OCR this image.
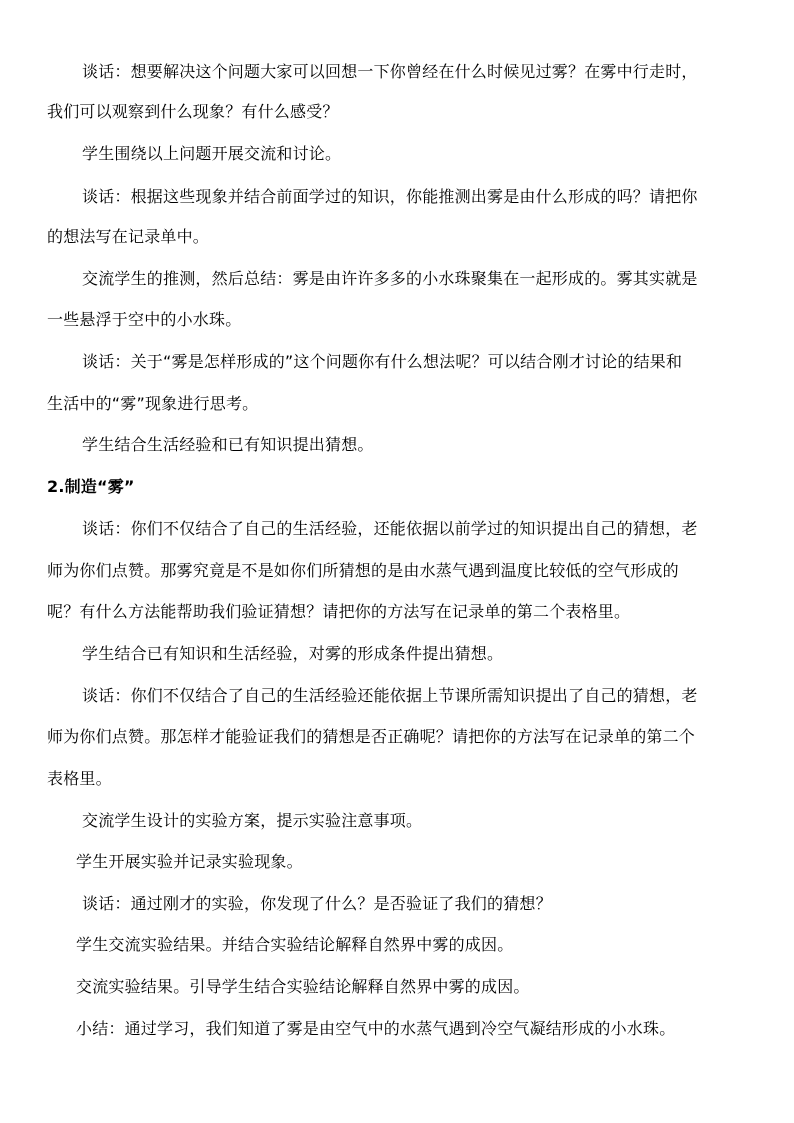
谈话：想要解决这个问题大家可以回想一下你曾经在什么时候见过雾？在雾中行走时，
我们可以观察到什么现象？有什么感受？
学生围绕以上问题开展交流和讨论。
谈话：根据这些现象并结合前面学过的知识，你能推测出雾是由什么形成的吗？请把你
的想法写在记录单中。
交流学生的推测，然后总结：雾是由许许多多的小水珠聚集在一起形成的。雾其实就是
一些悬浮于空中的小水珠。
谈话：关于“雾是怎样形成的”这个问题你有什么想法呢？可以结合刚才讨论的结果和
生活中的“雾”现象进行思考。
学生结合生活经验和已有知识提出猜想。
2.制造“雾”
谈话：你们不仅结合了自己的生活经验，还能依据以前学过的知识提出自己的猜想，老
师为你们点赞。那雾究竟是不是如你们所猜想的是由水蒸气遇到温度比较低的空气形成的
呢？有什么方法能帮助我们验证猜想？请把你的方法写在记录单的第二个表格里。
学生结合已有知识和生活经验，对雾的形成条件提出猜想。
谈话：你们不仅结合了自己的生活经验还能依据上节课所需知识提出了自己的猜想，老
师为你们点赞。那怎样才能验证我们的猜想是否正确呢？请把你的方法写在记录单的第二个
表格里。
交流学生设计的实验方案，提示实验注意事项。
学生开展实验并记录实验现象。
谈话：通过刚才的实验，你发现了什么？是否验证了我们的猜想？
学生交流实验结果。并结合实验结论解释自然界中雾的成因。
交流实验结果。引导学生结合实验结论解释自然界中雾的成因。
小结：通过学习，我们知道了雾是由空气中的水蒸气遇到冷空气凝结形成的小水珠。
